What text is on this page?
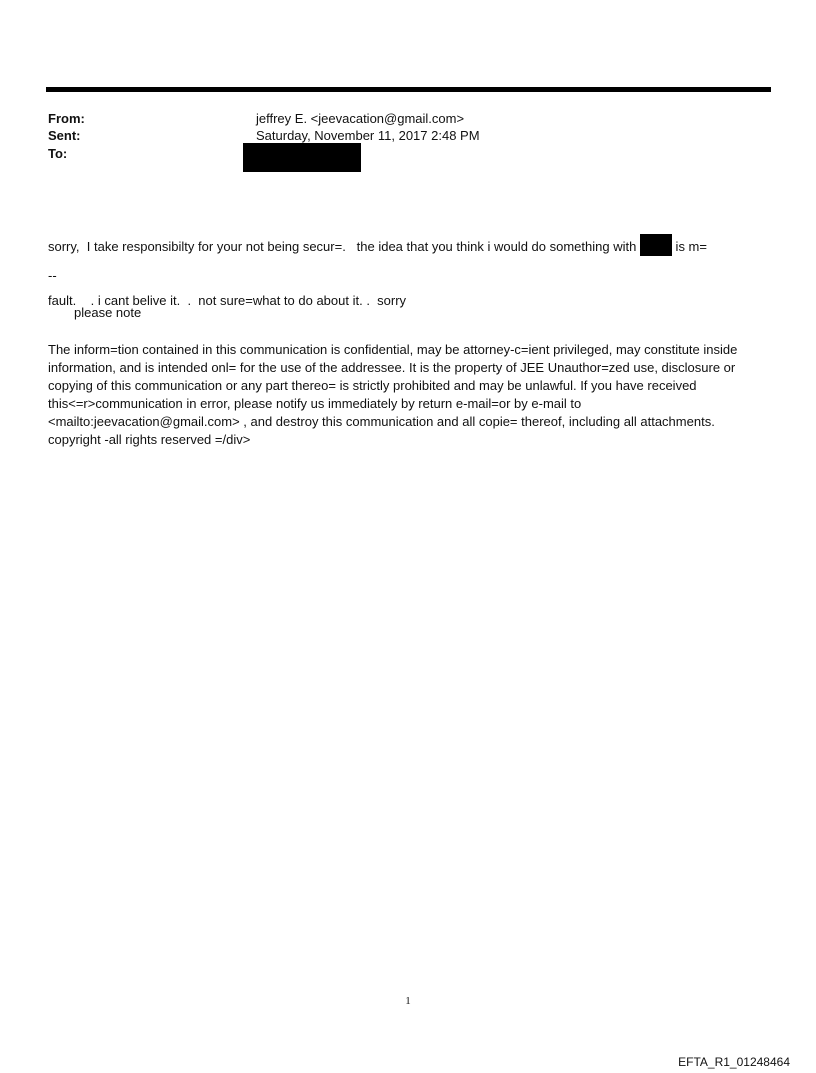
From:	jeffrey E. <jeevacation@gmail.com>
Sent:	Saturday, November 11, 2017 2:48 PM
To:

sorry,  I take responsibilty for your not being secur=.   the idea that you think i would do something with  is m=

fault.    . i cant belive it.  .  not sure=what to do about it. .  sorry

--
please note
The inform=tion contained in this communication is confidential, may be attorney-c=ient privileged, may constitute inside information, and is intended onl= for the use of the addressee. It is the property of JEE Unauthor=zed use, disclosure or copying of this communication or any part thereo= is strictly prohibited and may be unlawful. If you have received this<=r>communication in error, please notify us immediately by return e-mail=or by e-mail to <mailto:jeevacation@gmail.com> , and destroy this communication and all copie= thereof, including all attachments. copyright -all rights reserved =/div>
1
EFTA_R1_01248464
